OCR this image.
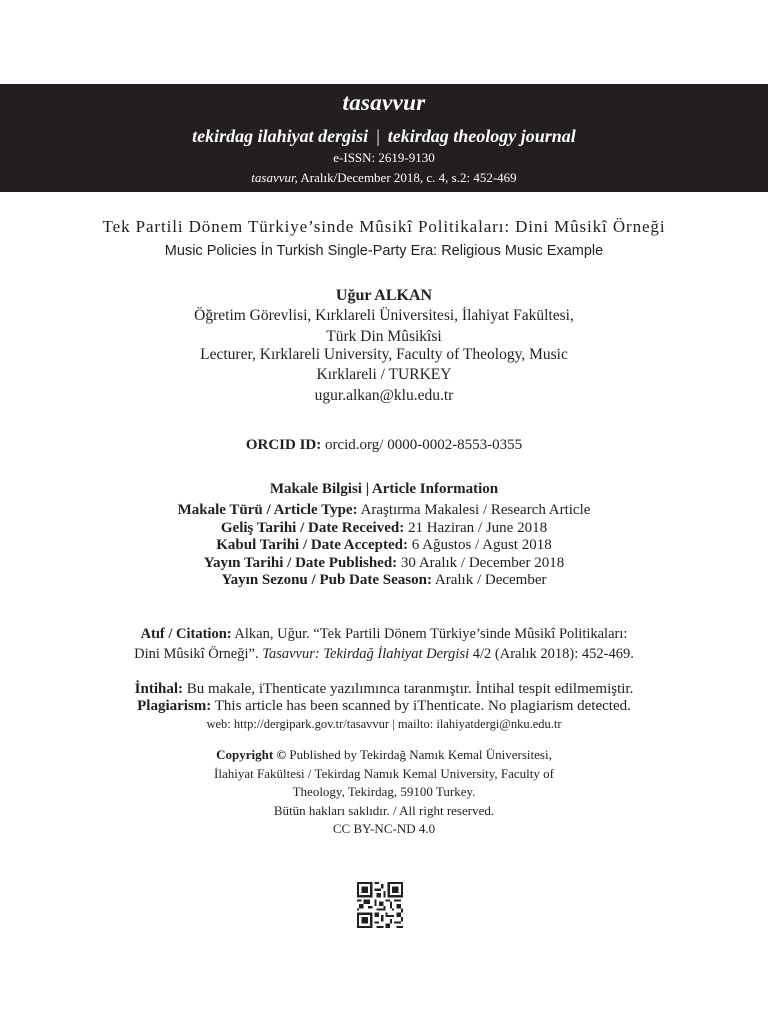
tasavvur
tekirdag ilahiyat dergisi | tekirdag theology journal
e-ISSN: 2619-9130
tasavvur, Aralık/December 2018, c. 4, s.2: 452-469
Tek Partili Dönem Türkiye’sinde Mûsikî Politikaları: Dini Mûsikî Örneği
Music Policies İn Turkish Single-Party Era: Religious Music Example
Uğur ALKAN
Öğretim Görevlisi, Kırklareli Üniversitesi, İlahiyat Fakültesi,
Türk Din Mûsikîsi
Lecturer, Kırklareli University, Faculty of Theology, Music
Kırklareli / TURKEY
ugur.alkan@klu.edu.tr
ORCID ID: orcid.org/ 0000-0002-8553-0355
Makale Bilgisi | Article Information
Makale Türü / Article Type: Araştırma Makalesi / Research Article
Geliş Tarihi / Date Received: 21 Haziran / June 2018
Kabul Tarihi / Date Accepted: 6 Ağustos / Agust 2018
Yayın Tarihi / Date Published: 30 Aralık / December 2018
Yayın Sezonu / Pub Date Season: Aralık / December
Atıf / Citation: Alkan, Uğur. “Tek Partili Dönem Türkiye’sinde Mûsikî Politikaları:
Dini Mûsikî Örneği”. Tasavvur: Tekirdağ İlahiyat Dergisi 4/2 (Aralık 2018): 452-469.
İntihal: Bu makale, iThenticate yazılımınca taranmıştır. İntihal tespit edilmemiştir.
Plagiarism: This article has been scanned by iThenticate. No plagiarism detected.
web: http://dergipark.gov.tr/tasavvur | mailto: ilahiyatdergi@nku.edu.tr
Copyright © Published by Tekirdağ Namık Kemal Üniversitesi,
İlahiyat Fakültesi / Tekirdag Namık Kemal University, Faculty of
Theology, Tekirdag, 59100 Turkey.
Bütün hakları saklıdır. / All right reserved.
CC BY-NC-ND 4.0
